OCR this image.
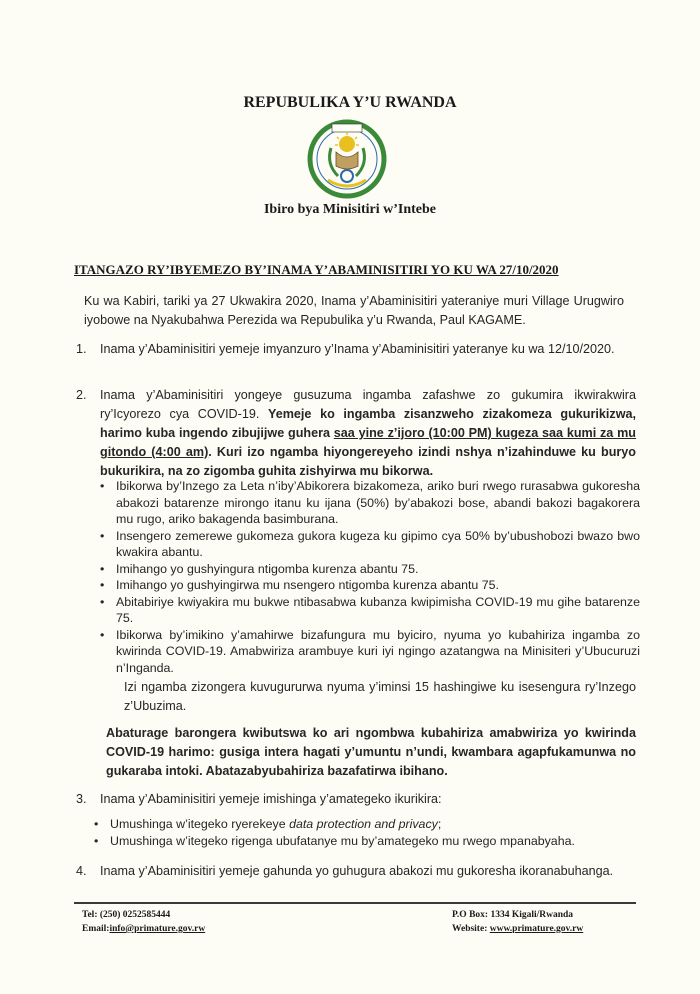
REPUBULIKA Y’U RWANDA
Ibiro bya Minisitiri w’Intebe
ITANGAZO RY’IBYEMEZO BY’INAMA Y’ABAMINISITIRI YO KU WA 27/10/2020
Ku wa Kabiri, tariki ya 27 Ukwakira 2020, Inama y’Abaminisitiri yateraniye muri Village Urugwiro iyobowe na Nyakubahwa Perezida wa Repubulika y’u Rwanda, Paul KAGAME.
1.	Inama y’Abaminisitiri yemeje imyanzuro y’Inama y’Abaminisitiri yateranye ku wa 12/10/2020.
2.	Inama y’Abaminisitiri yongeye gusuzuma ingamba zafashwe zo gukumira ikwirakwira ry’Icyorezo cya COVID-19. Yemeje ko ingamba zisanzweho zizakomeza gukurikizwa, harimo kuba ingendo zibujijwe guhera saa yine z’ijoro (10:00 PM) kugeza saa kumi za mu gitondo (4:00 am). Kuri izo ngamba hiyongereyeho izindi nshya n’izahinduwe ku buryo bukurikira, na zo zigomba guhita zishyirwa mu bikorwa.
• Ibikorwa by’Inzego za Leta n’iby’Abikorera bizakomeza, ariko buri rwego rurasabwa gukoresha abakozi batarenze mirongo itanu ku ijana (50%) by’abakozi bose, abandi bakozi bagakorera mu rugo, ariko bakagenda basimburana.
• Insengero zemerewe gukomeza gukora kugeza ku gipimo cya 50% by’ubushobozi bwazo bwo kwakira abantu.
• Imihango yo gushyingura ntigomba kurenza abantu 75.
• Imihango yo gushyingirwa mu nsengero ntigomba kurenza abantu 75.
• Abitabiriye kwiyakira mu bukwe ntibasabwa kubanza kwipimisha COVID-19 mu gihe batarenze 75.
• Ibikorwa by’imikino y’amahirwe bizafungura mu byiciro, nyuma yo kubahiriza ingamba zo kwirinda COVID-19. Amabwiriza arambuye kuri iyi ngingo azatangwa na Minisiteri y’Ubucuruzi n’Inganda.
Izi ngamba zizongera kuvugururwa nyuma y’iminsi 15 hashingiwe ku isesengura ry’Inzego z’Ubuzima.
Abaturage barongera kwibutswa ko ari ngombwa kubahiriza amabwiriza yo kwirinda COVID-19 harimo: gusiga intera hagati y’umuntu n’undi, kwambara agapfukamunwa no gukaraba intoki. Abatazabyubahiriza bazafatirwa ibihano.
3.	Inama y’Abaminisitiri yemeje imishinga y’amategeko ikurikira:
• Umushinga w’itegeko ryerekeye data protection and privacy;
• Umushinga w’itegeko rigenga ubufatanye mu by’amategeko mu rwego mpanabyaha.
4.	Inama y’Abaminisitiri yemeje gahunda yo guhugura abakozi mu gukoresha ikoranabuhanga.
Tel: (250) 0252585444
Email:info@primature.gov.rw
P.O Box: 1334 Kigali/Rwanda
Website: www.primature.gov.rw
